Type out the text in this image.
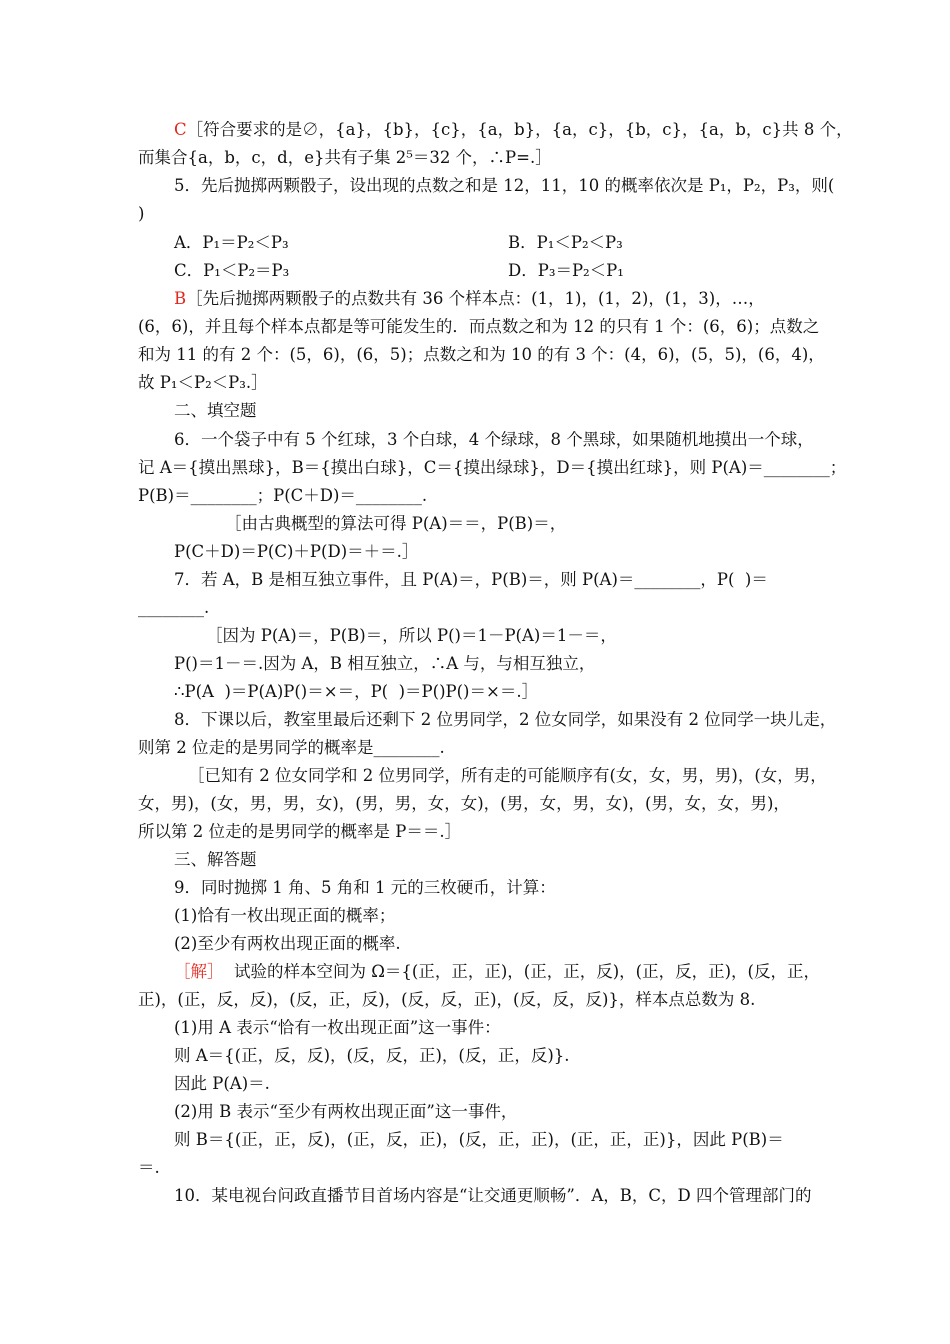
C［符合要求的是∅，{a}，{b}，{c}，{a，b}，{a，c}，{b，c}，{a，b，c}共 8 个，
而集合{a，b，c，d，e}共有子集 2⁵＝32 个，∴P=.］
5．先后抛掷两颗骰子，设出现的点数之和是 12，11，10 的概率依次是 P₁，P₂，P₃，则(
)
A．P₁＝P₂＜P₃	B．P₁＜P₂＜P₃
C．P₁＜P₂＝P₃	D．P₃＝P₂＜P₁
B［先后抛掷两颗骰子的点数共有 36 个样本点：(1，1)，(1，2)，(1，3)，…，
(6，6)，并且每个样本点都是等可能发生的．而点数之和为 12 的只有 1 个：(6，6)；点数之
和为 11 的有 2 个：(5，6)，(6，5)；点数之和为 10 的有 3 个：(4，6)，(5，5)，(6，4)，
故 P₁＜P₂＜P₃.］
二、填空题
6．一个袋子中有 5 个红球，3 个白球，4 个绿球，8 个黑球，如果随机地摸出一个球，
记 A＝{摸出黑球}，B＝{摸出白球}，C＝{摸出绿球}，D＝{摸出红球}，则 P(A)＝________；
P(B)＝________；P(C＋D)＝________.
［由古典概型的算法可得 P(A)＝＝，P(B)＝，
P(C＋D)＝P(C)＋P(D)＝＋＝.］
7．若 A，B 是相互独立事件，且 P(A)＝，P(B)＝，则 P(A)＝________，P(  )＝
________.
［因为 P(A)＝，P(B)＝，所以 P()＝1－P(A)＝1－＝，
P()＝1－＝.因为 A，B 相互独立，∴A 与，与相互独立，
∴P(A  )＝P(A)P()＝×＝，P(  )＝P()P()＝×＝.］
8．下课以后，教室里最后还剩下 2 位男同学，2 位女同学，如果没有 2 位同学一块儿走，
则第 2 位走的是男同学的概率是________.
［已知有 2 位女同学和 2 位男同学，所有走的可能顺序有(女，女，男，男)，(女，男，
女，男)，(女，男，男，女)，(男，男，女，女)，(男，女，男，女)，(男，女，女，男)，
所以第 2 位走的是男同学的概率是 P＝＝.］
三、解答题
9．同时抛掷 1 角、5 角和 1 元的三枚硬币，计算：
(1)恰有一枚出现正面的概率；
(2)至少有两枚出现正面的概率.
［解］  试验的样本空间为 Ω＝{(正，正，正)，(正，正，反)，(正，反，正)，(反，正，
正)，(正，反，反)，(反，正，反)，(反，反，正)，(反，反，反)}，样本点总数为 8.
(1)用 A 表示“恰有一枚出现正面”这一事件：
则 A＝{(正，反，反)，(反，反，正)，(反，正，反)}.
因此 P(A)＝.
(2)用 B 表示“至少有两枚出现正面”这一事件，
则 B＝{(正，正，反)，(正，反，正)，(反，正，正)，(正，正，正)}，因此 P(B)＝
＝.
10．某电视台问政直播节目首场内容是“让交通更顺畅”．A，B，C，D 四个管理部门的
